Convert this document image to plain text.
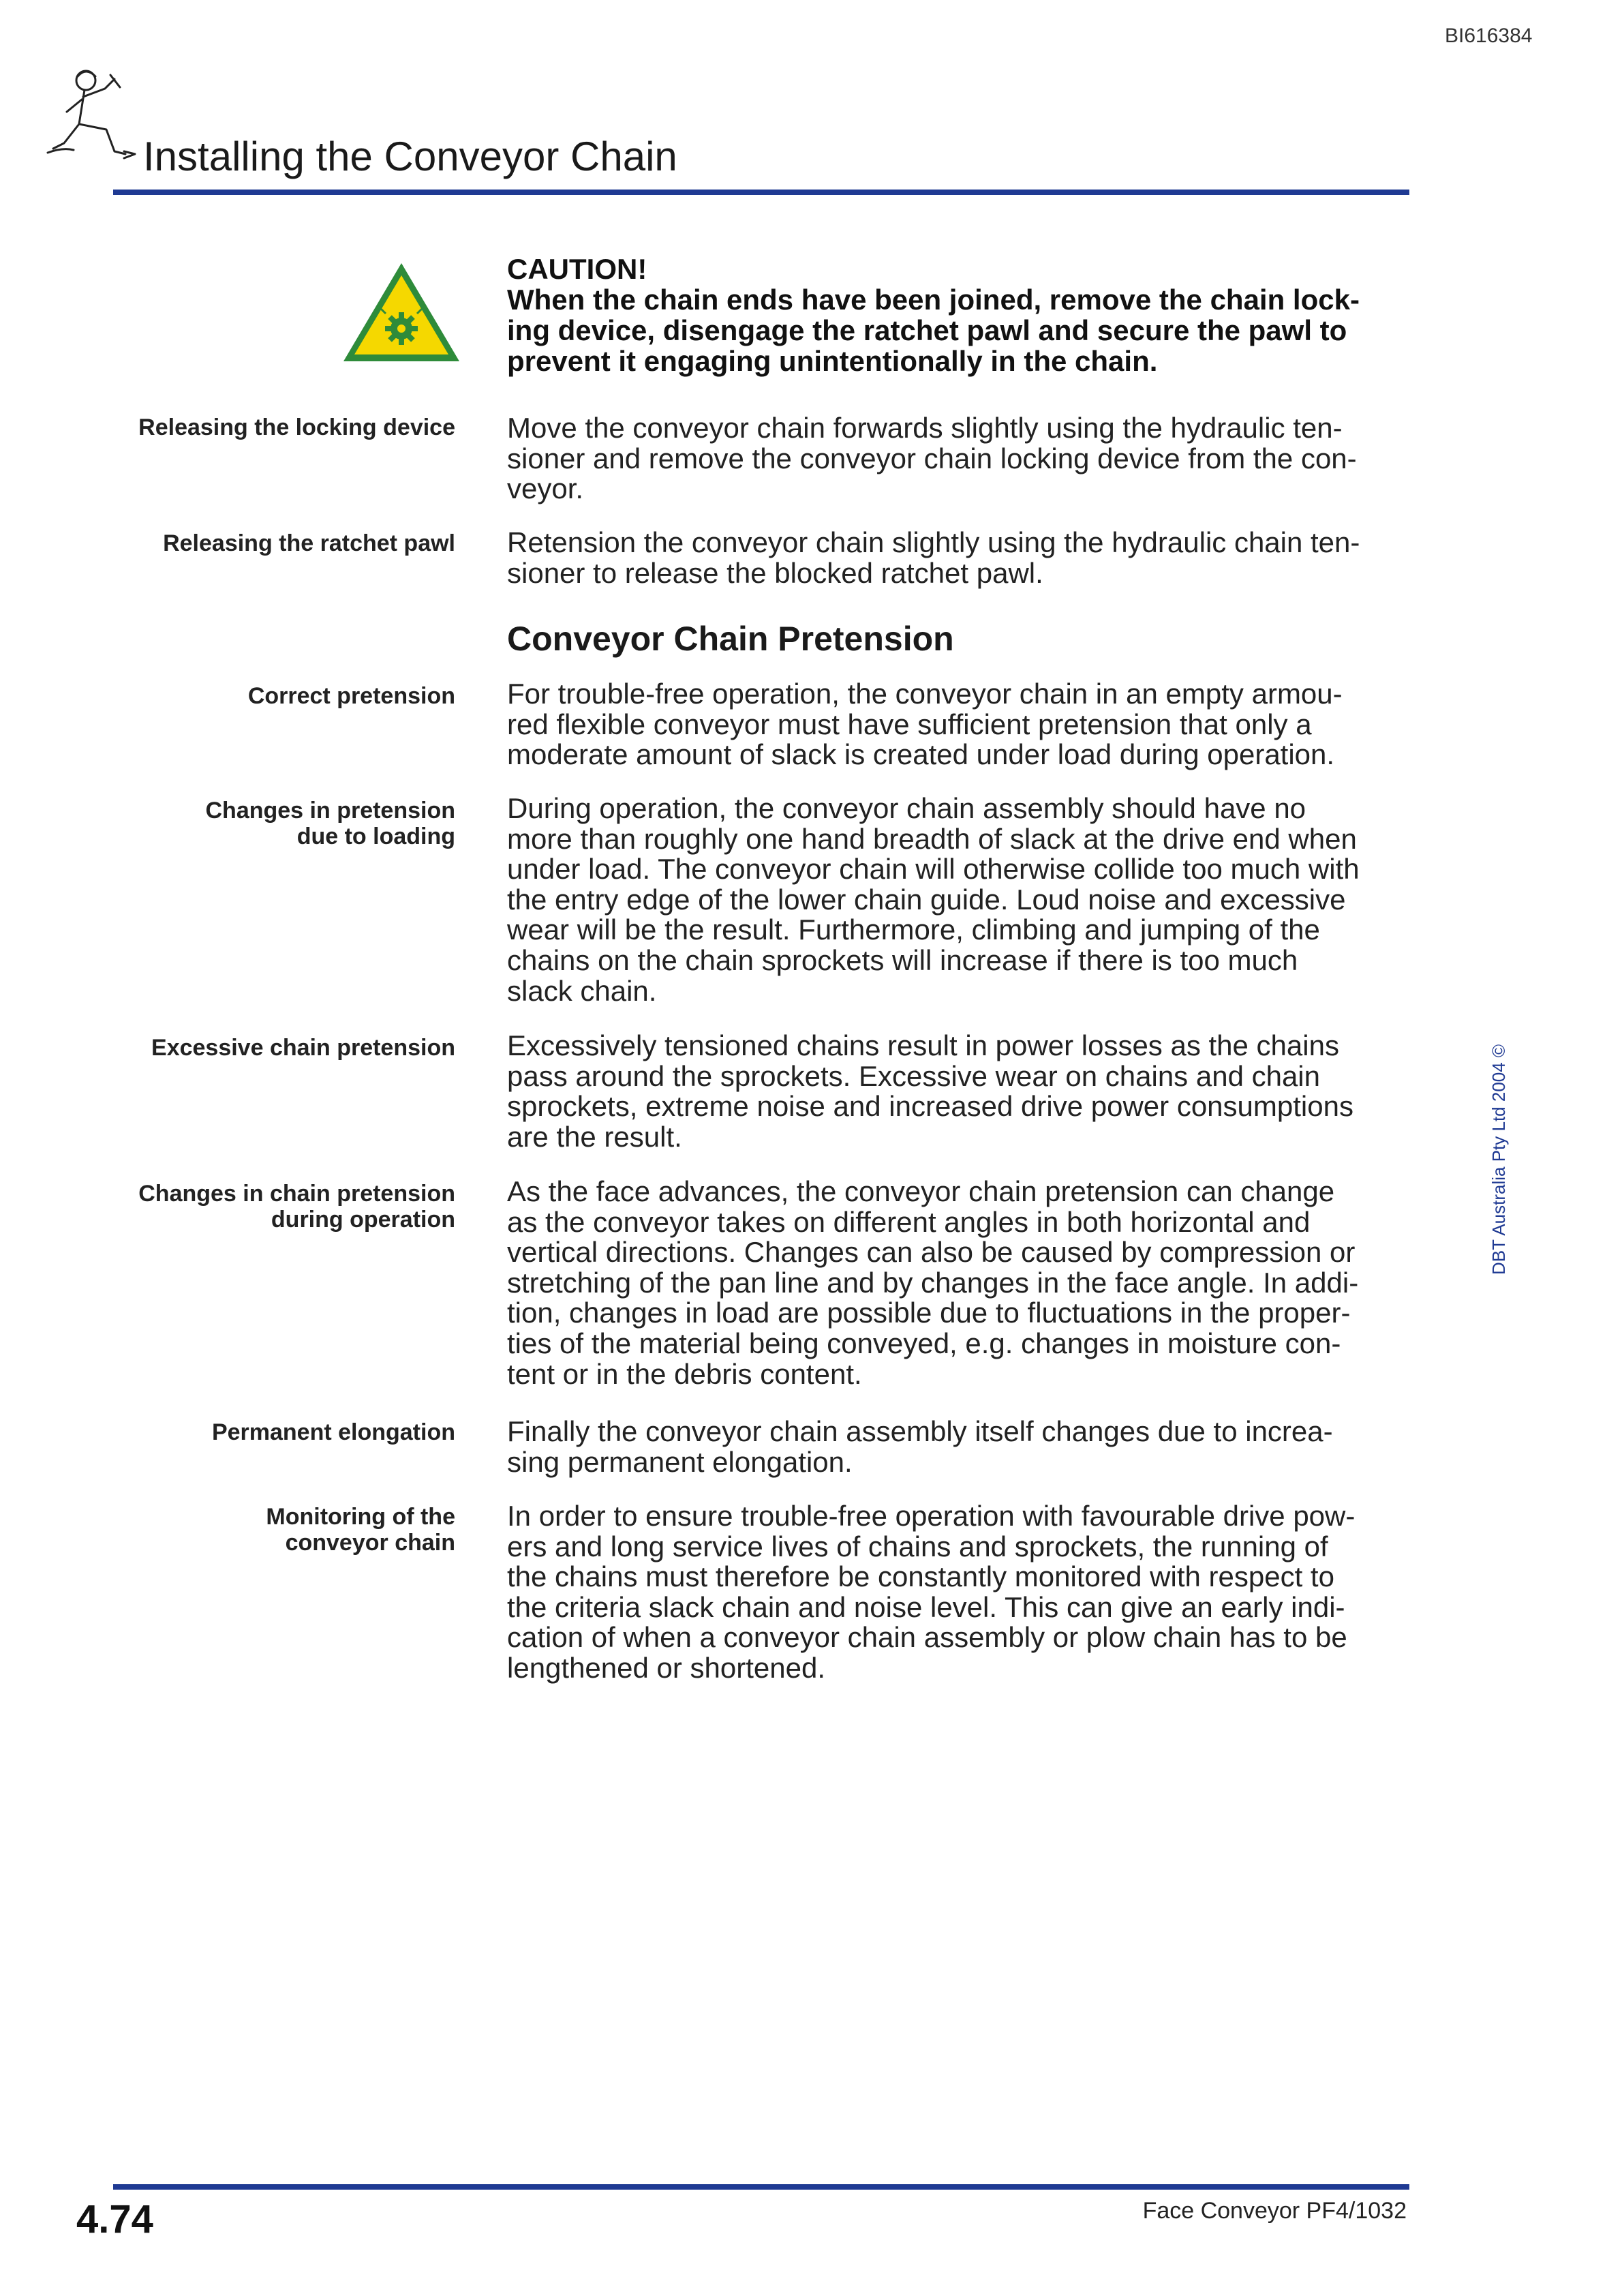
BI616384
Installing the Conveyor Chain
CAUTION!
When the chain ends have been joined, remove the chain lock-
ing device, disengage the ratchet pawl and secure the pawl to
prevent it engaging unintentionally in the chain.
Releasing the locking device Move the conveyor chain forwards slightly using the hydraulic ten-
sioner and remove the conveyor chain locking device from the con-
veyor.
Releasing the ratchet pawl Retension the conveyor chain slightly using the hydraulic chain ten-
sioner to release the blocked ratchet pawl.
Conveyor Chain Pretension
Correct pretension For trouble-free operation, the conveyor chain in an empty armou-
red flexible conveyor must have sufficient pretension that only a
moderate amount of slack is created under load during operation.
Changes in pretension
due to loading
During operation, the conveyor chain assembly should have no
more than roughly one hand breadth of slack at the drive end when
under load. The conveyor chain will otherwise collide too much with
the entry edge of the lower chain guide. Loud noise and excessive
wear will be the result. Furthermore, climbing and jumping of the
chains on the chain sprockets will increase if there is too much
slack chain.
Excessive chain pretension Excessively tensioned chains result in power losses as the chains
pass around the sprockets. Excessive wear on chains and chain
sprockets, extreme noise and increased drive power consumptions
are the result.
Changes in chain pretension
during operation
As the face advances, the conveyor chain pretension can change
as the conveyor takes on different angles in both horizontal and
vertical directions. Changes can also be caused by compression or
stretching of the pan line and by changes in the face angle. In addi-
tion, changes in load are possible due to fluctuations in the proper-
ties of the material being conveyed, e.g. changes in moisture con-
tent or in the debris content.
Permanent elongation Finally the conveyor chain assembly itself changes due to increa-
sing permanent elongation.
Monitoring of the
conveyor chain
In order to ensure trouble-free operation with favourable drive pow-
ers and long service lives of chains and sprockets, the running of
the chains must therefore be constantly monitored with respect to
the criteria slack chain and noise level. This can give an early indi-
cation of when a conveyor chain assembly or plow chain has to be
lengthened or shortened.
DBT Australia Pty Ltd 2004 ©
4.74	Face Conveyor PF4/1032
